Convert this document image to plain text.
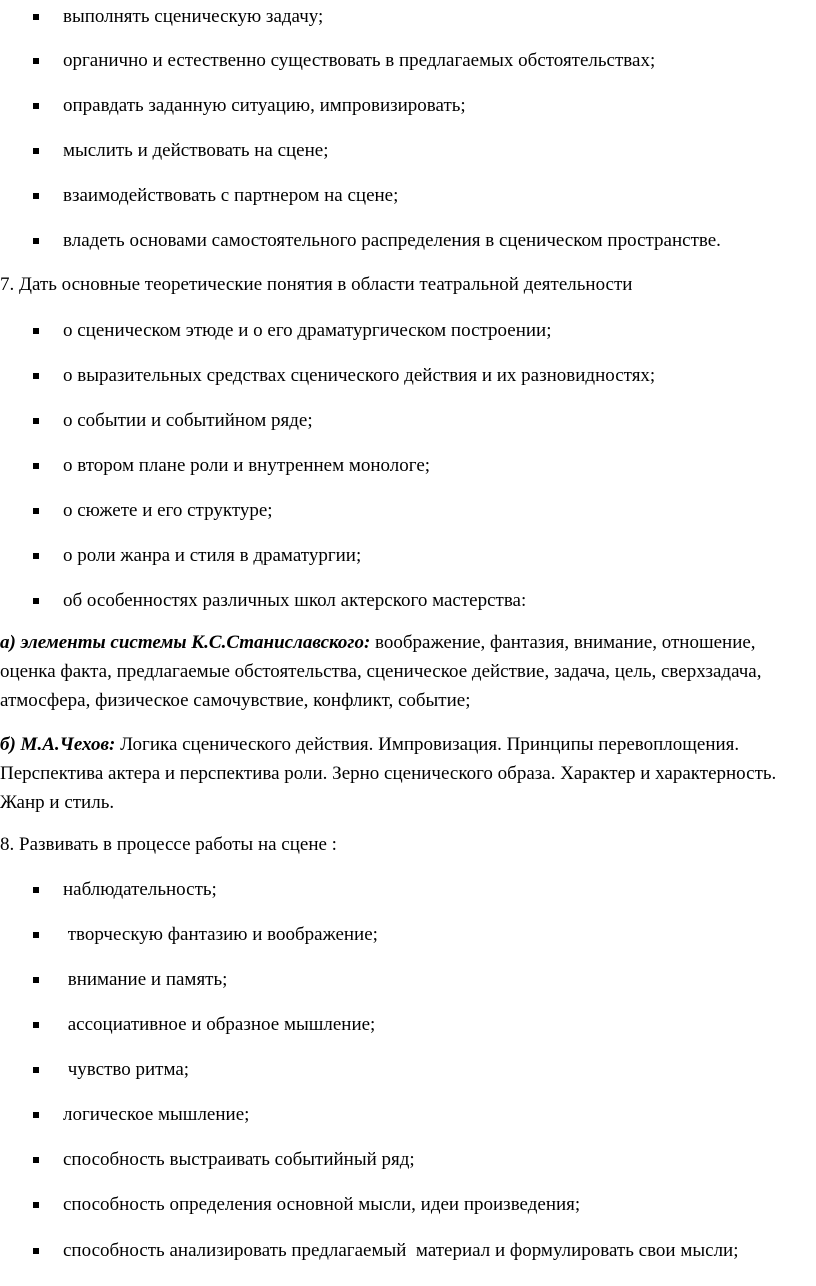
выполнять сценическую задачу;
органично и естественно существовать в предлагаемых обстоятельствах;
оправдать заданную ситуацию, импровизировать;
мыслить и действовать на сцене;
взаимодействовать с партнером на сцене;
владеть основами самостоятельного распределения в сценическом пространстве.
7. Дать основные теоретические понятия в области театральной деятельности
о сценическом этюде и о его драматургическом построении;
о выразительных средствах сценического действия и их разновидностях;
о событии и событийном ряде;
о втором плане роли и внутреннем монологе;
о сюжете и его структуре;
о роли жанра и стиля в драматургии;
об особенностях различных школ актерского мастерства:
а) элементы системы К.С.Станиславского: воображение, фантазия, внимание, отношение, оценка факта, предлагаемые обстоятельства, сценическое действие, задача, цель, сверхзадача, атмосфера, физическое самочувствие, конфликт, событие;
б) М.А.Чехов: Логика сценического действия. Импровизация. Принципы перевоплощения. Перспектива актера и перспектива роли. Зерно сценического образа. Характер и характерность. Жанр и стиль.
8. Развивать в процессе работы на сцене :
наблюдательность;
творческую фантазию и воображение;
внимание и память;
ассоциативное и образное мышление;
чувство ритма;
логическое мышление;
способность выстраивать событийный ряд;
способность определения основной мысли, идеи произведения;
способность анализировать предлагаемый  материал и формулировать свои мысли;
